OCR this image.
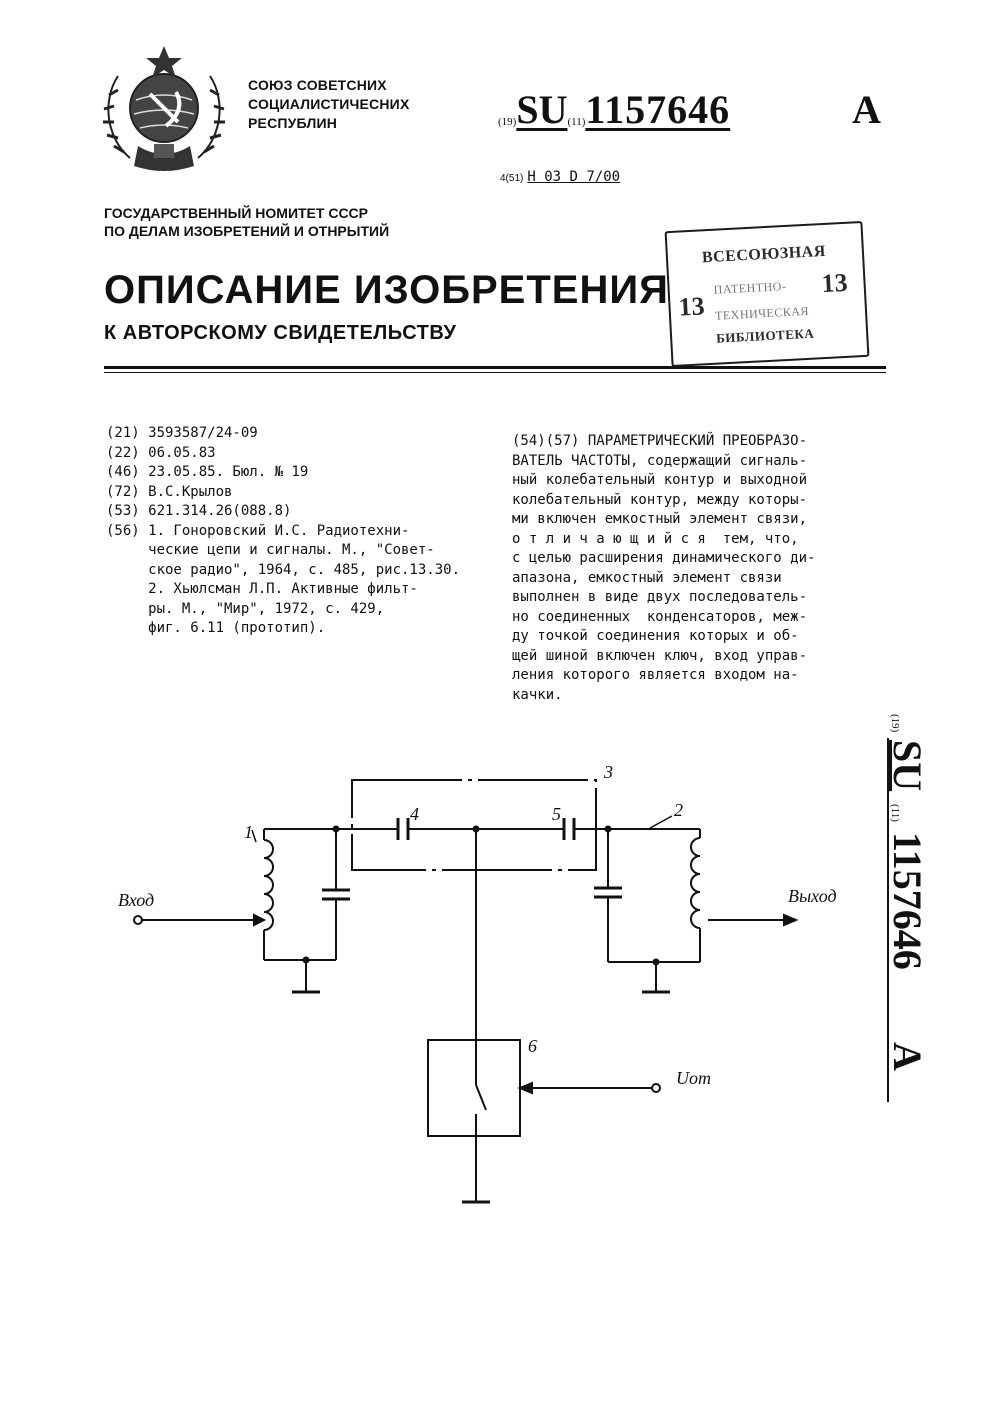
СОЮЗ СОВЕТСНИХ
СОЦИАЛИСТИЧЕСНИХ
РЕСПУБЛИН	(19)SU(11)1157646	A
4(51) H 03 D 7/00
ГОСУДАРСТВЕННЫЙ НОМИТЕТ СССР
ПО ДЕЛАМ ИЗОБРЕТЕНИЙ И ОТНРЫТИЙ
ОПИСАНИЕ ИЗОБРЕТЕНИЯ
К АВТОРСКОМУ СВИДЕТЕЛЬСТВУ
ВСЕСОЮЗНАЯ
ПАТЕНТНО-
ТЕХНИЧЕСКАЯ
БИБЛИОТЕКА
13
13
(21) 3593587/24-09
(22) 06.05.83
(46) 23.05.85. Бюл. № 19
(72) В.С.Крылов
(53) 621.314.26(088.8)
(56) 1. Гоноровский И.С. Радиотехни-
ческие цепи и сигналы. М., "Совет-
ское радио", 1964, с. 485, рис.13.30.
2. Хьюлсман Л.П. Активные фильт-
ры. М., "Мир", 1972, с. 429,
фиг. 6.11 (прототип).
(54)(57) ПАРАМЕТРИЧЕСКИЙ ПРЕОБРАЗО-
ВАТЕЛЬ ЧАСТОТЫ, содержащий сигналь-
ный колебательный контур и выходной
колебательный контур, между которы-
ми включен емкостный элемент связи,
о т л и ч а ю щ и й с я  тем, что,
с целью расширения динамического ди-
апазона, емкостный элемент связи
выполнен в виде двух последователь-
но соединенных  конденсаторов, меж-
ду точкой соединения которых и об-
щей шиной включен ключ, вход управ-
ления которого является входом на-
качки.
(19)
SU
(11)
1157646
A
Вход	Выход
Uот
1
2
3
4	5
6
